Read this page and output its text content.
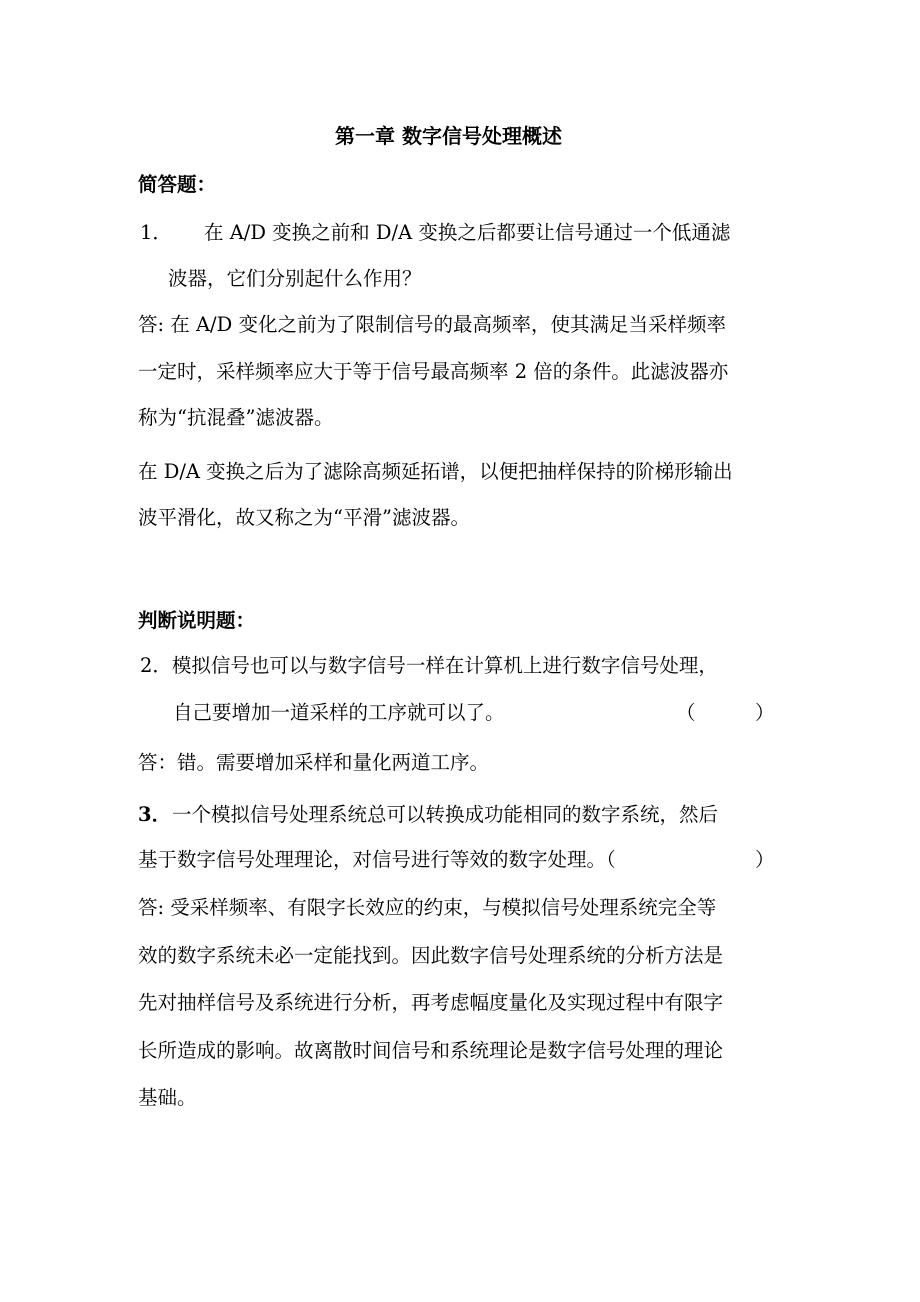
第一章 数字信号处理概述
简答题：
1． 在 A/D 变换之前和 D/A 变换之后都要让信号通过一个低通滤
波器，它们分别起什么作用？
答: 在 A/D 变化之前为了限制信号的最高频率，使其满足当采样频率
一定时，采样频率应大于等于信号最高频率 2 倍的条件。此滤波器亦
称为“抗混叠”滤波器。
在 D/A 变换之后为了滤除高频延拓谱，以便把抽样保持的阶梯形输出
波平滑化，故又称之为“平滑”滤波器。
判断说明题：
2．模拟信号也可以与数字信号一样在计算机上进行数字信号处理，
自己要增加一道采样的工序就可以了。	（	）
答：错。需要增加采样和量化两道工序。
3． 一个模拟信号处理系统总可以转换成功能相同的数字系统，然后
基于数字信号处理理论，对信号进行等效的数字处理。（	）
答: 受采样频率、有限字长效应的约束，与模拟信号处理系统完全等
效的数字系统未必一定能找到。因此数字信号处理系统的分析方法是
先对抽样信号及系统进行分析，再考虑幅度量化及实现过程中有限字
长所造成的影响。故离散时间信号和系统理论是数字信号处理的理论
基础。
